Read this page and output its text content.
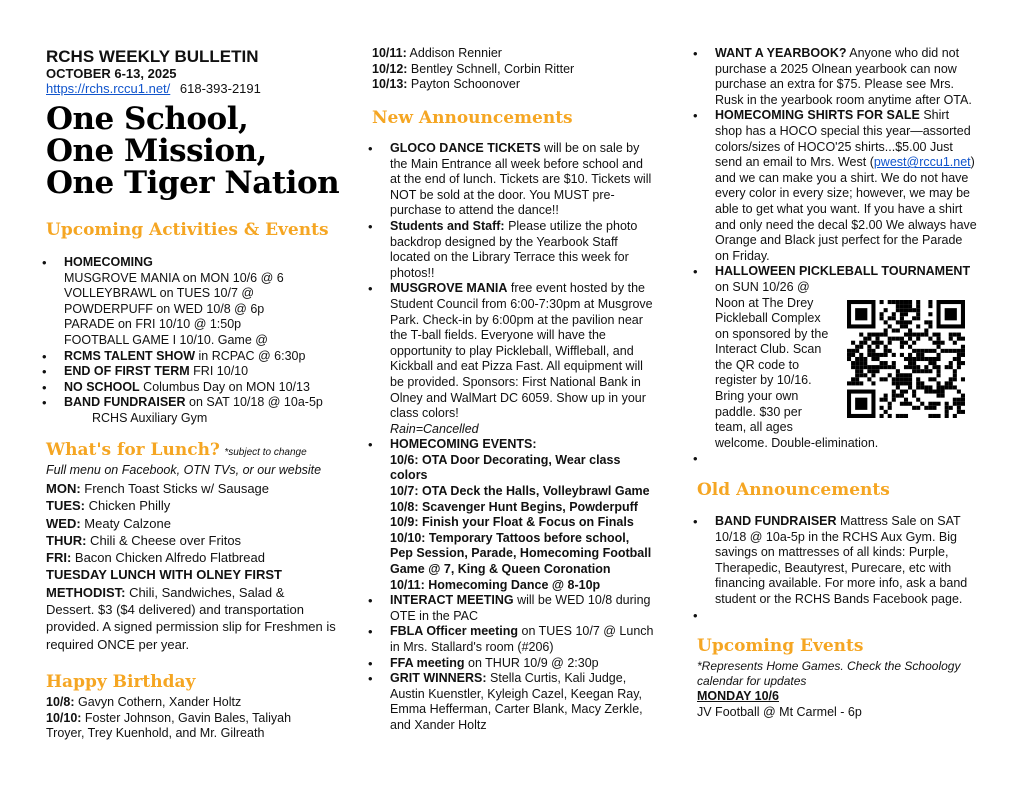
RCHS WEEKLY BULLETIN
OCTOBER 6-13, 2025
https://rchs.rccu1.net/ 618-393-2191
One School,
One Mission,
One Tiger Nation
Upcoming Activities & Events
• HOMECOMING
MUSGROVE MANIA on MON 10/6 @ 6
VOLLEYBRAWL on TUES 10/7 @
POWDERPUFF on WED 10/8 @ 6p
PARADE on FRI 10/10 @ 1:50p
FOOTBALL GAME I 10/10. Game @
• RCMS TALENT SHOW in RCPAC @ 6:30p
• END OF FIRST TERM FRI 10/10
• NO SCHOOL Columbus Day on MON 10/13
• BAND FUNDRAISER on SAT 10/18 @ 10a-5p
RCHS Auxiliary Gym
What's for Lunch? *subject to change
Full menu on Facebook, OTN TVs, or our website
MON: French Toast Sticks w/ Sausage
TUES: Chicken Philly
WED: Meaty Calzone
THUR: Chili & Cheese over Fritos
FRI: Bacon Chicken Alfredo Flatbread
TUESDAY LUNCH WITH OLNEY FIRST METHODIST: Chili, Sandwiches, Salad & Dessert. $3 ($4 delivered) and transportation provided. A signed permission slip for Freshmen is required ONCE per year.
Happy Birthday
10/8: Gavyn Cothern, Xander Holtz
10/10: Foster Johnson, Gavin Bales, Taliyah Troyer, Trey Kuenhold, and Mr. Gilreath
10/11: Addison Rennier
10/12: Bentley Schnell, Corbin Ritter
10/13: Payton Schoonover
New Announcements
• GLOCO DANCE TICKETS will be on sale by the Main Entrance all week before school and at the end of lunch. Tickets are $10. Tickets will NOT be sold at the door. You MUST pre-purchase to attend the dance!!
• Students and Staff: Please utilize the photo backdrop designed by the Yearbook Staff located on the Library Terrace this week for photos!!
• MUSGROVE MANIA free event hosted by the Student Council from 6:00-7:30pm at Musgrove Park. Check-in by 6:00pm at the pavilion near the T-ball fields. Everyone will have the opportunity to play Pickleball, Wiffleball, and Kickball and eat Pizza Fast. All equipment will be provided. Sponsors: First National Bank in Olney and WalMart DC 6059. Show up in your class colors!
Rain=Cancelled
• HOMECOMING EVENTS:
10/6: OTA Door Decorating, Wear class colors
10/7: OTA Deck the Halls, Volleybrawl Game
10/8: Scavenger Hunt Begins, Powderpuff
10/9: Finish your Float & Focus on Finals
10/10: Temporary Tattoos before school, Pep Session, Parade, Homecoming Football Game @ 7, King & Queen Coronation
10/11: Homecoming Dance @ 8-10p
• INTERACT MEETING will be WED 10/8 during OTE in the PAC
• FBLA Officer meeting on TUES 10/7 @ Lunch in Mrs. Stallard's room (#206)
• FFA meeting on THUR 10/9 @ 2:30p
• GRIT WINNERS: Stella Curtis, Kali Judge, Austin Kuenstler, Kyleigh Cazel, Keegan Ray, Emma Hefferman, Carter Blank, Macy Zerkle, and Xander Holtz
• WANT A YEARBOOK? Anyone who did not purchase a 2025 Olnean yearbook can now purchase an extra for $75. Please see Mrs. Rusk in the yearbook room anytime after OTA.
• HOMECOMING SHIRTS FOR SALE Shirt shop has a HOCO special this year—assorted colors/sizes of HOCO'25 shirts...$5.00 Just send an email to Mrs. West (pwest@rccu1.net) and we can make you a shirt. We do not have every color in every size; however, we may be able to get what you want. If you have a shirt and only need the decal $2.00 We always have Orange and Black just perfect for the Parade on Friday.
• HALLOWEEN PICKLEBALL TOURNAMENT
on SUN 10/26 @
Noon at The Drey
Pickleball Complex
on sponsored by the
Interact Club. Scan
the QR code to
register by 10/16.
Bring your own
paddle. $30 per
team, all ages
welcome. Double-elimination.
•
Old Announcements
• BAND FUNDRAISER Mattress Sale on SAT 10/18 @ 10a-5p in the RCHS Aux Gym. Big savings on mattresses of all kinds: Purple, Therapedic, Beautyrest, Purecare, etc with financing available. For more info, ask a band student or the RCHS Bands Facebook page.
•
Upcoming Events
*Represents Home Games. Check the Schoology calendar for updates
MONDAY 10/6
JV Football @ Mt Carmel - 6p
